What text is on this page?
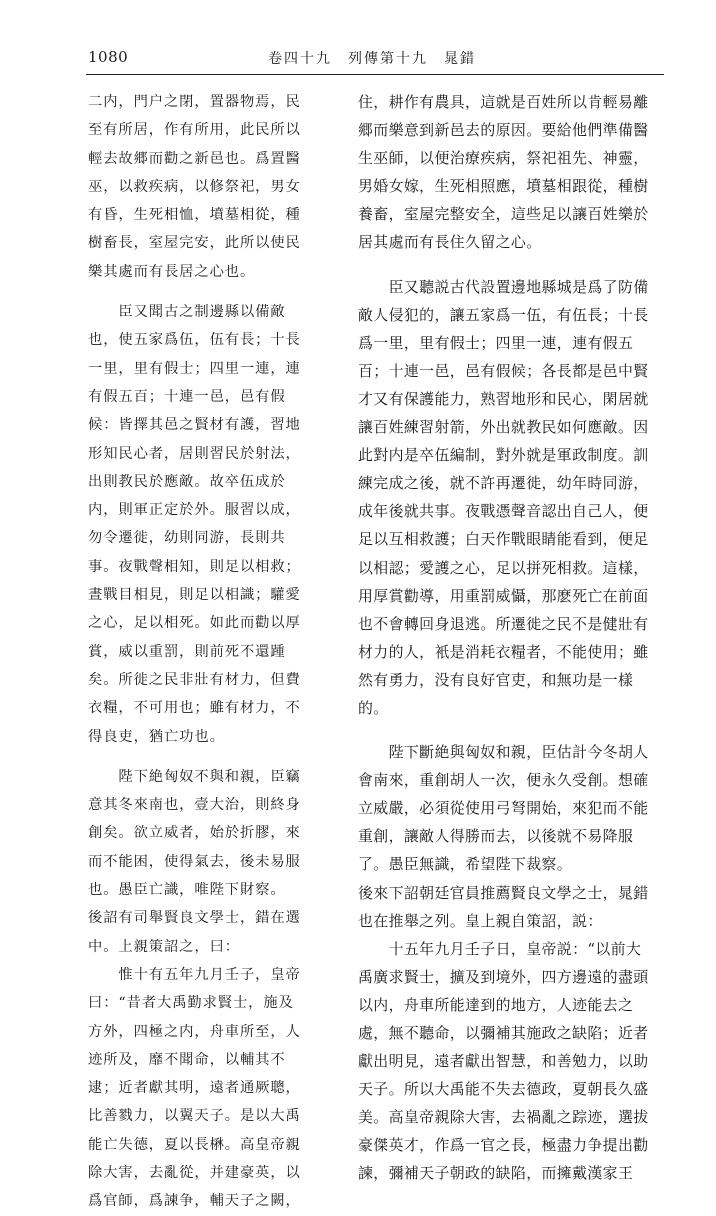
1080	卷四十九　列傳第十九　晁錯

二内，門户之閉，置器物焉，民
至有所居，作有所用，此民所以
輕去故郷而勸之新邑也。爲置醫
巫，以救疾病，以修祭祀，男女
有昏，生死相恤，墳墓相從，種
樹畜長，室屋完安，此所以使民
樂其處而有長居之心也。

　　臣又聞古之制邊縣以備敵
也，使五家爲伍，伍有長；十長
一里，里有假士；四里一連，連
有假五百；十連一邑，邑有假
候：皆擇其邑之賢材有護，習地
形知民心者，居則習民於射法，
出則教民於應敵。故卒伍成於
内，則軍正定於外。服習以成，
勿令遷徙，幼則同游，長則共
事。夜戰聲相知，則足以相救；
晝戰目相見，則足以相識；驩愛
之心，足以相死。如此而勸以厚
賞，威以重罰，則前死不還踵
矣。所徙之民非壯有材力，但費
衣糧，不可用也；雖有材力，不
得良吏，猶亡功也。

　　陛下絶匈奴不與和親，臣竊
意其冬來南也，壹大治，則終身
創矣。欲立威者，始於折膠，來
而不能困，使得氣去，後未易服
也。愚臣亡識，唯陛下財察。

後詔有司舉賢良文學士，錯在選
中。上親策詔之，曰：

　　惟十有五年九月壬子，皇帝
曰：“昔者大禹勤求賢士，施及
方外，四極之内，舟車所至，人
迹所及，靡不聞命，以輔其不
逮；近者獻其明，遠者通厥聰，
比善戮力，以翼天子。是以大禹
能亡失德，夏以長楙。高皇帝親
除大害，去亂從，并建豪英，以
爲官師，爲諫争，輔天子之闕，

住，耕作有農具，這就是百姓所以肯輕易離
郷而樂意到新邑去的原因。要給他們準備醫
生巫師，以便治療疾病，祭祀祖先、神靈，
男婚女嫁，生死相照應，墳墓相跟從，種樹
養畜，室屋完整安全，這些足以讓百姓樂於
居其處而有長住久留之心。

　　臣又聽説古代設置邊地縣城是爲了防備
敵人侵犯的，讓五家爲一伍，有伍長；十長
爲一里，里有假士；四里一連，連有假五
百；十連一邑，邑有假候；各長都是邑中賢
才又有保護能力，熟習地形和民心，閑居就
讓百姓練習射箭，外出就教民如何應敵。因
此對内是卒伍編制，對外就是軍政制度。訓
練完成之後，就不許再遷徙，幼年時同游，
成年後就共事。夜戰憑聲音認出自己人，便
足以互相救護；白天作戰眼睛能看到，便足
以相認；愛護之心，足以拼死相救。這樣，
用厚賞勸導，用重罰威懾，那麽死亡在前面
也不會轉回身退逃。所遷徙之民不是健壯有
材力的人，衹是消耗衣糧者，不能使用；雖
然有勇力，没有良好官吏，和無功是一樣
的。

　　陛下斷絶與匈奴和親，臣估計今冬胡人
會南來，重創胡人一次，便永久受創。想確
立威嚴，必須從使用弓弩開始，來犯而不能
重創，讓敵人得勝而去，以後就不易降服
了。愚臣無識，希望陛下裁察。

後來下詔朝廷官員推薦賢良文學之士，晁錯
也在推舉之列。皇上親自策詔，説：

　　十五年九月壬子日，皇帝説：“以前大
禹廣求賢士，擴及到境外，四方邊遠的盡頭
以内，舟車所能達到的地方，人迹能去之
處，無不聽命，以彌補其施政之缺陷；近者
獻出明見，遠者獻出智慧，和善勉力，以助
天子。所以大禹能不失去德政，夏朝長久盛
美。高皇帝親除大害，去禍亂之踪迹，選拔
豪傑英才，作爲一官之長，極盡力争提出勸
諫，彌補天子朝政的缺陷，而擁戴漢家王
